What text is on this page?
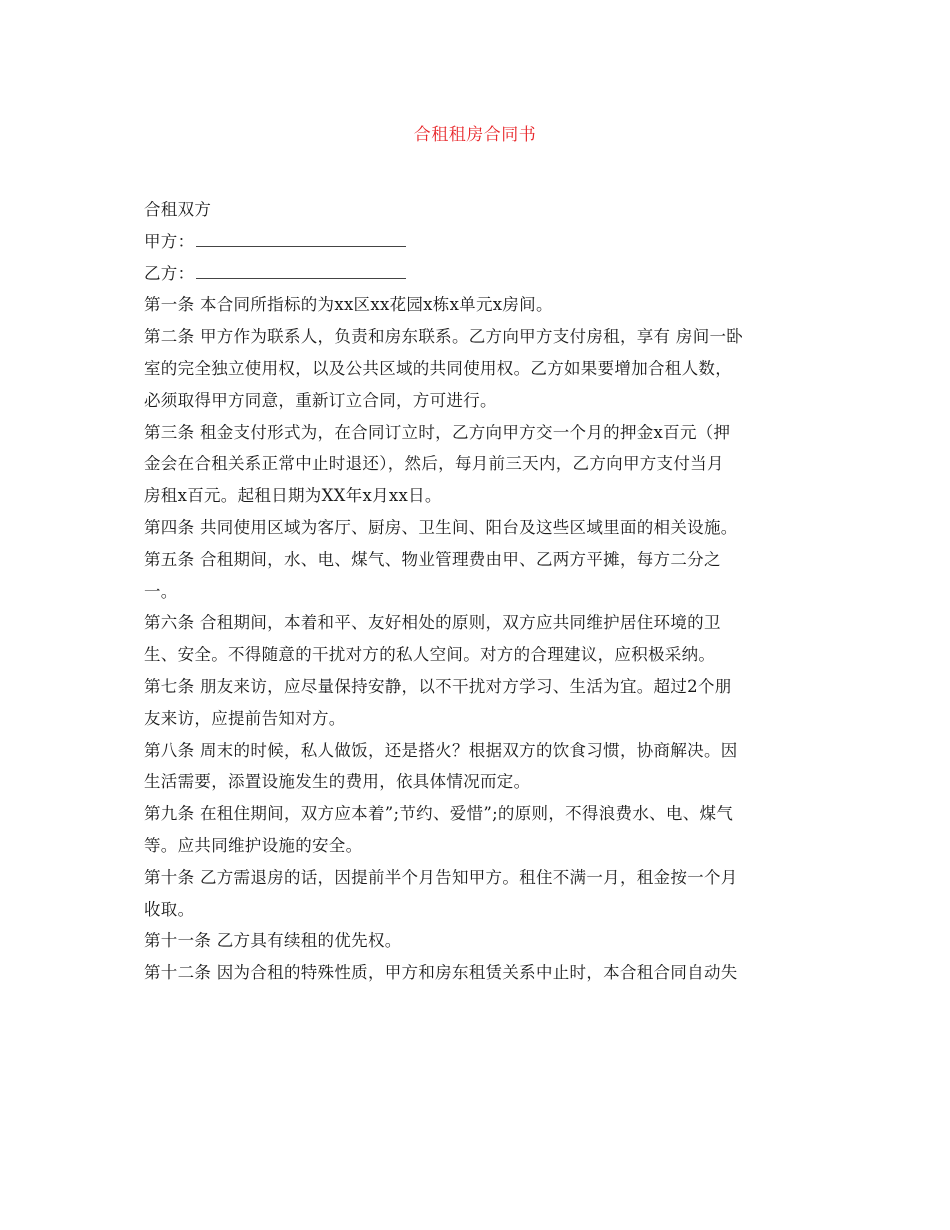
合租租房合同书
合租双方
甲方：
乙方：
第一条 本合同所指标的为xx区xx花园x栋x单元x房间。
第二条 甲方作为联系人，负责和房东联系。乙方向甲方支付房租，享有 房间一卧
室的完全独立使用权，以及公共区域的共同使用权。乙方如果要增加合租人数，
必须取得甲方同意，重新订立合同，方可进行。
第三条 租金支付形式为，在合同订立时，乙方向甲方交一个月的押金x百元（押
金会在合租关系正常中止时退还），然后，每月前三天内，乙方向甲方支付当月
房租x百元。起租日期为XX年x月xx日。
第四条 共同使用区域为客厅、厨房、卫生间、阳台及这些区域里面的相关设施。
第五条 合租期间，水、电、煤气、物业管理费由甲、乙两方平摊，每方二分之
一。
第六条 合租期间，本着和平、友好相处的原则，双方应共同维护居住环境的卫
生、安全。不得随意的干扰对方的私人空间。对方的合理建议，应积极采纳。
第七条 朋友来访，应尽量保持安静，以不干扰对方学习、生活为宜。超过2个朋
友来访，应提前告知对方。
第八条 周末的时候，私人做饭，还是搭火？根据双方的饮食习惯，协商解决。因
生活需要，添置设施发生的费用，依具体情况而定。
第九条 在租住期间，双方应本着”;节约、爱惜”;的原则，不得浪费水、电、煤气
等。应共同维护设施的安全。
第十条 乙方需退房的话，因提前半个月告知甲方。租住不满一月，租金按一个月
收取。
第十一条 乙方具有续租的优先权。
第十二条 因为合租的特殊性质，甲方和房东租赁关系中止时，本合租合同自动失
